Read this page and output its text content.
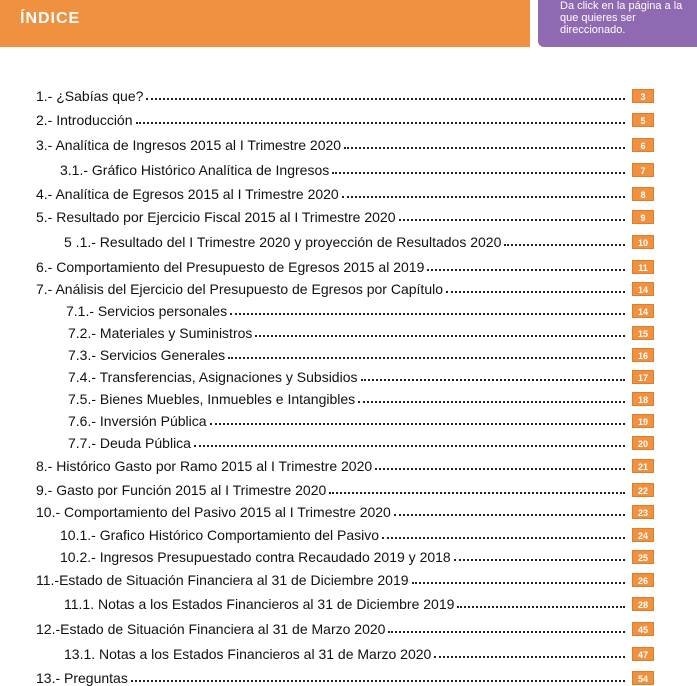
ÍNDICE
Da click en la página a la que quieres ser direccionado.
1.- ¿Sabías que?	3
2.- Introducción	5
3.- Analítica de Ingresos 2015 al I Trimestre 2020	6
3.1.- Gráfico Histórico Analítica de Ingresos	7
4.- Analítica de Egresos 2015 al I Trimestre 2020	8
5.- Resultado por Ejercicio Fiscal 2015 al I Trimestre 2020	9
5 .1.- Resultado del I Trimestre 2020 y proyección de Resultados 2020	10
6.- Comportamiento del Presupuesto de Egresos 2015 al 2019	11
7.- Análisis del Ejercicio del Presupuesto de Egresos por Capítulo	14
7.1.- Servicios personales	14
7.2.- Materiales y Suministros	15
7.3.- Servicios Generales	16
7.4.- Transferencias, Asignaciones y Subsidios	17
7.5.- Bienes Muebles, Inmuebles e Intangibles	18
7.6.- Inversión Pública	19
7.7.- Deuda Pública	20
8.- Histórico Gasto por Ramo 2015 al I Trimestre 2020	21
9.- Gasto por Función 2015 al I Trimestre 2020	22
10.- Comportamiento del Pasivo 2015 al I Trimestre 2020	23
10.1.- Grafico Histórico Comportamiento del Pasivo	24
10.2.- Ingresos Presupuestado contra Recaudado 2019 y 2018	25
11.-Estado de Situación Financiera al 31 de Diciembre 2019	26
11.1. Notas a los Estados Financieros al 31 de Diciembre 2019	28
12.-Estado de Situación Financiera al 31 de Marzo 2020	45
13.1. Notas a los Estados Financieros al 31 de Marzo 2020	47
13.- Preguntas	54
